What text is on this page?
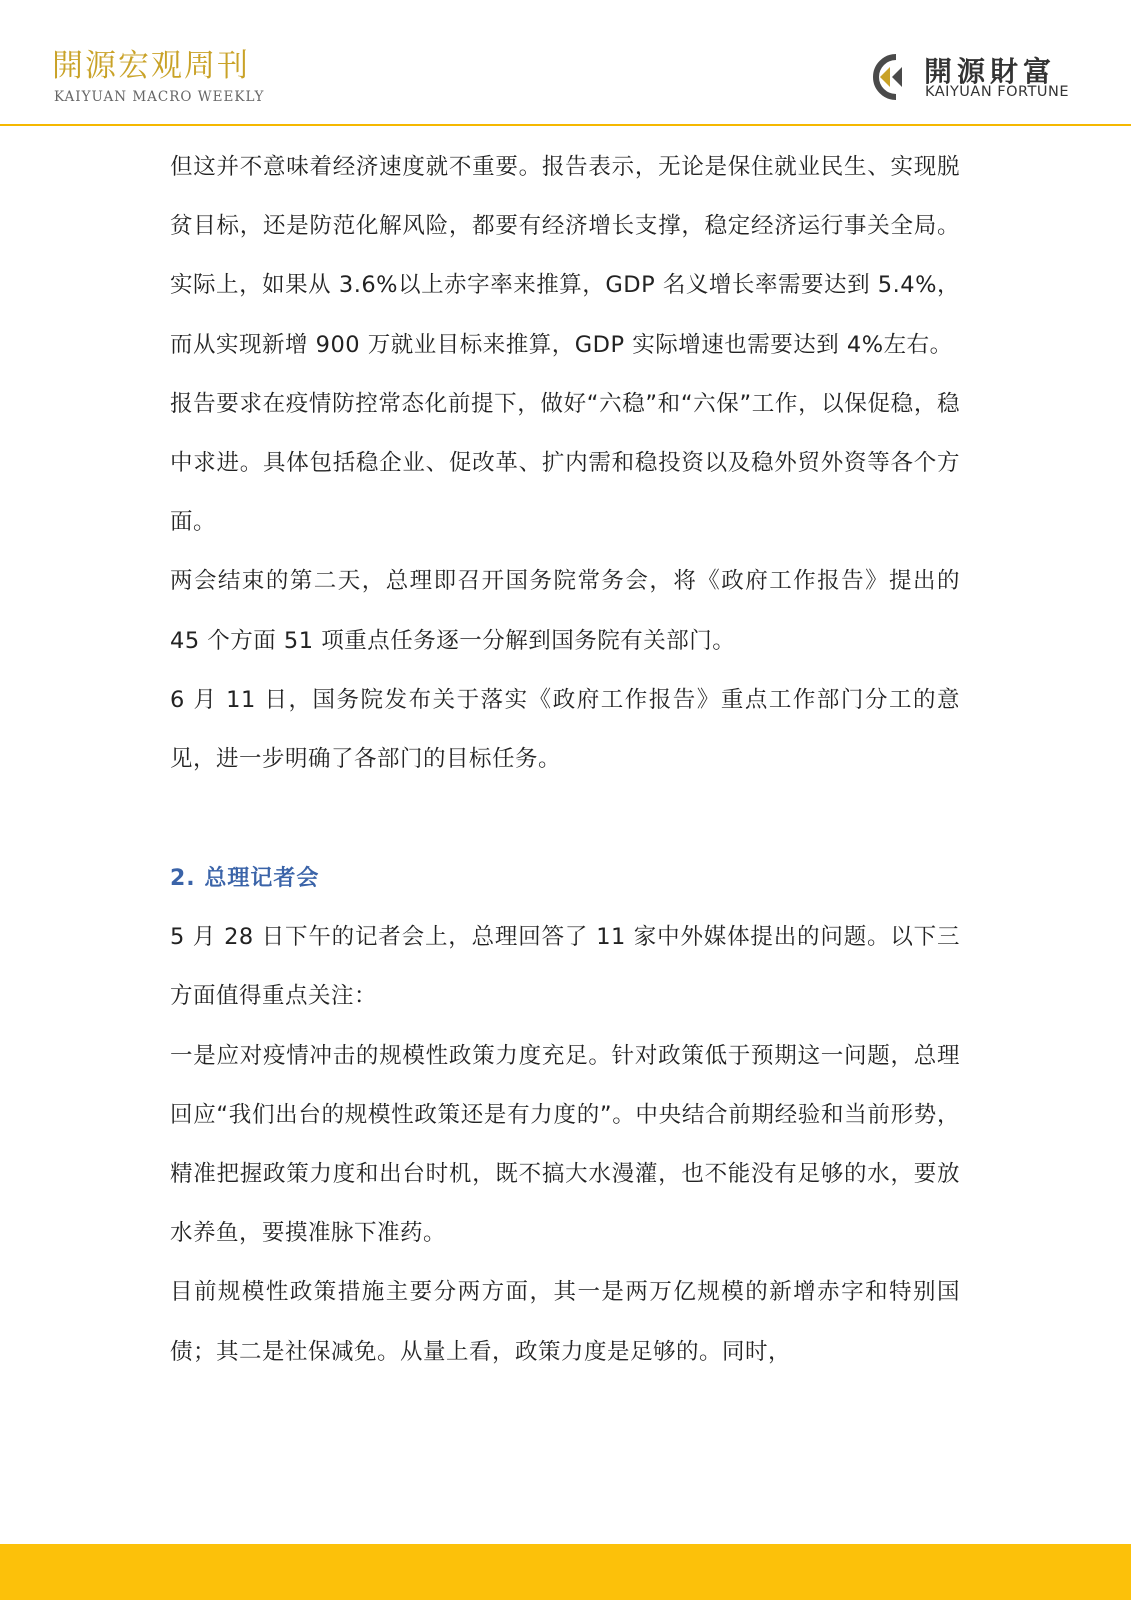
開源宏观周刊
KAIYUAN MACRO WEEKLY
開源財富
KAIYUAN FORTUNE

但这并不意味着经济速度就不重要。报告表示，无论是保住就业民生、实现脱贫目标，还是防范化解风险，都要有经济增长支撑，稳定经济运行事关全局。实际上，如果从 3.6%以上赤字率来推算，GDP 名义增长率需要达到 5.4%，而从实现新增 900 万就业目标来推算，GDP 实际增速也需要达到 4%左右。

报告要求在疫情防控常态化前提下，做好“六稳”和“六保”工作，以保促稳，稳中求进。具体包括稳企业、促改革、扩内需和稳投资以及稳外贸外资等各个方面。

两会结束的第二天，总理即召开国务院常务会，将《政府工作报告》提出的 45 个方面 51 项重点任务逐一分解到国务院有关部门。

6 月 11 日，国务院发布关于落实《政府工作报告》重点工作部门分工的意见，进一步明确了各部门的目标任务。

2. 总理记者会

5 月 28 日下午的记者会上，总理回答了 11 家中外媒体提出的问题。以下三方面值得重点关注：

一是应对疫情冲击的规模性政策力度充足。针对政策低于预期这一问题，总理回应“我们出台的规模性政策还是有力度的”。中央结合前期经验和当前形势，精准把握政策力度和出台时机，既不搞大水漫灌，也不能没有足够的水，要放水养鱼，要摸准脉下准药。

目前规模性政策措施主要分两方面，其一是两万亿规模的新增赤字和特别国债；其二是社保减免。从量上看，政策力度是足够的。同时，
